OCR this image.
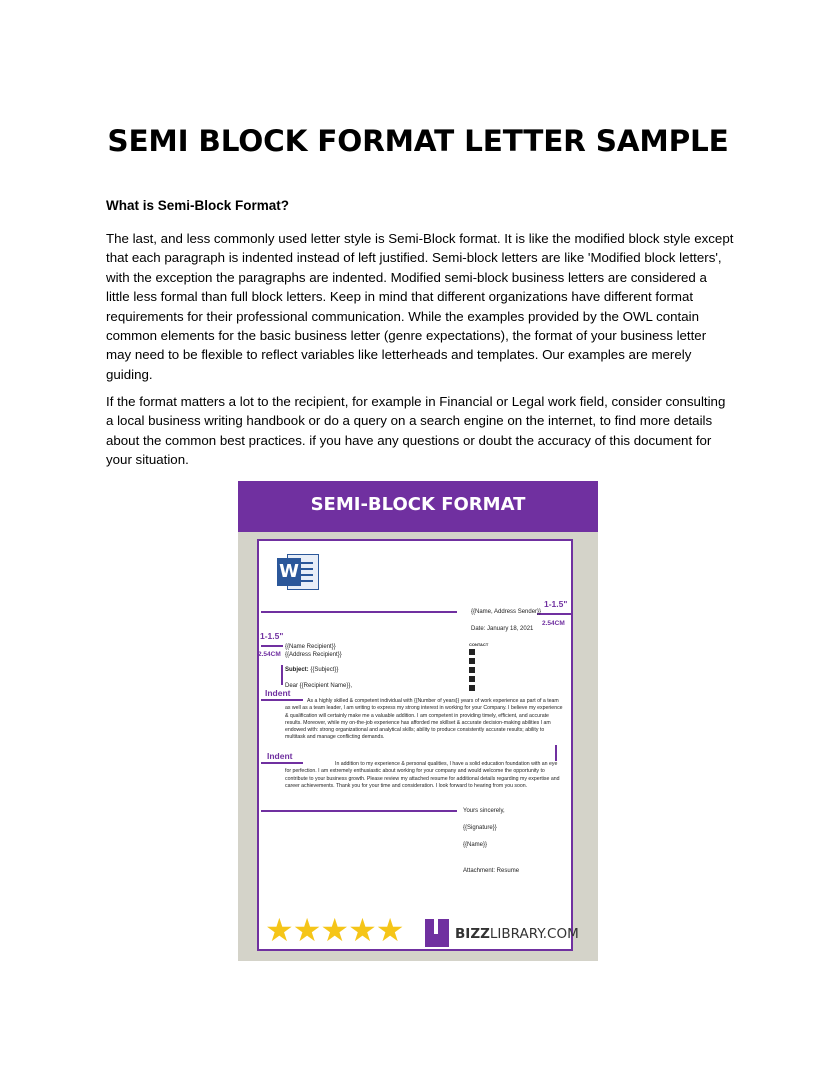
SEMI BLOCK FORMAT LETTER SAMPLE
What is Semi-Block Format?

The last, and less commonly used letter style is Semi-Block format. It is like the modified block style except that each paragraph is indented instead of left justified. Semi-block letters are like 'Modified block letters', with the exception the paragraphs are indented. Modified semi-block business letters are considered a little less formal than full block letters. Keep in mind that different organizations have different format requirements for their professional communication. While the examples provided by the OWL contain common elements for the basic business letter (genre expectations), the format of your business letter may need to be flexible to reflect variables like letterheads and templates. Our examples are merely guiding.

If the format matters a lot to the recipient, for example in Financial or Legal work field, consider consulting a local business writing handbook or do a query on a search engine on the internet, to find more details about the common best practices. if you have any questions or doubt the accuracy of this document for your situation.

SEMI-BLOCK FORMAT
W
1-1.5"
2.54CM
{{Name, Address Sender}}
Date: January 18, 2021
CONTACT
1-1.5"
2.54CM
{{Name Recipient}}
{{Address Recipient}}
Subject: {{Subject}}
Dear {{Recipient Name}},
Indent

As a highly skilled & competent individual with {{Number of years}} years of work experience as part of a team as well as a team leader, I am writing to express my strong interest in working for your Company. I believe my experience & qualification will certainly make me a valuable addition. I am competent in providing timely, efficient, and accurate results. Moreover, while my on-the-job experience has afforded me skillset & accurate decision-making abilities I am endowed with: strong organizational and analytical skills; ability to produce consistently accurate results; ability to multitask and manage conflicting demands.

Indent

In addition to my experience & personal qualities, I have a solid education foundation with an eye for perfection. I am extremely enthusiastic about working for your company and would welcome the opportunity to contribute to your business growth. Please review my attached resume for additional details regarding my expertise and career achievements. Thank you for your time and consideration. I look forward to hearing from you soon.

Yours sincerely,
{{Signature}}
{{Name}}
Attachment: Resume
★★★★★	BIZZLIBRARY.COM
